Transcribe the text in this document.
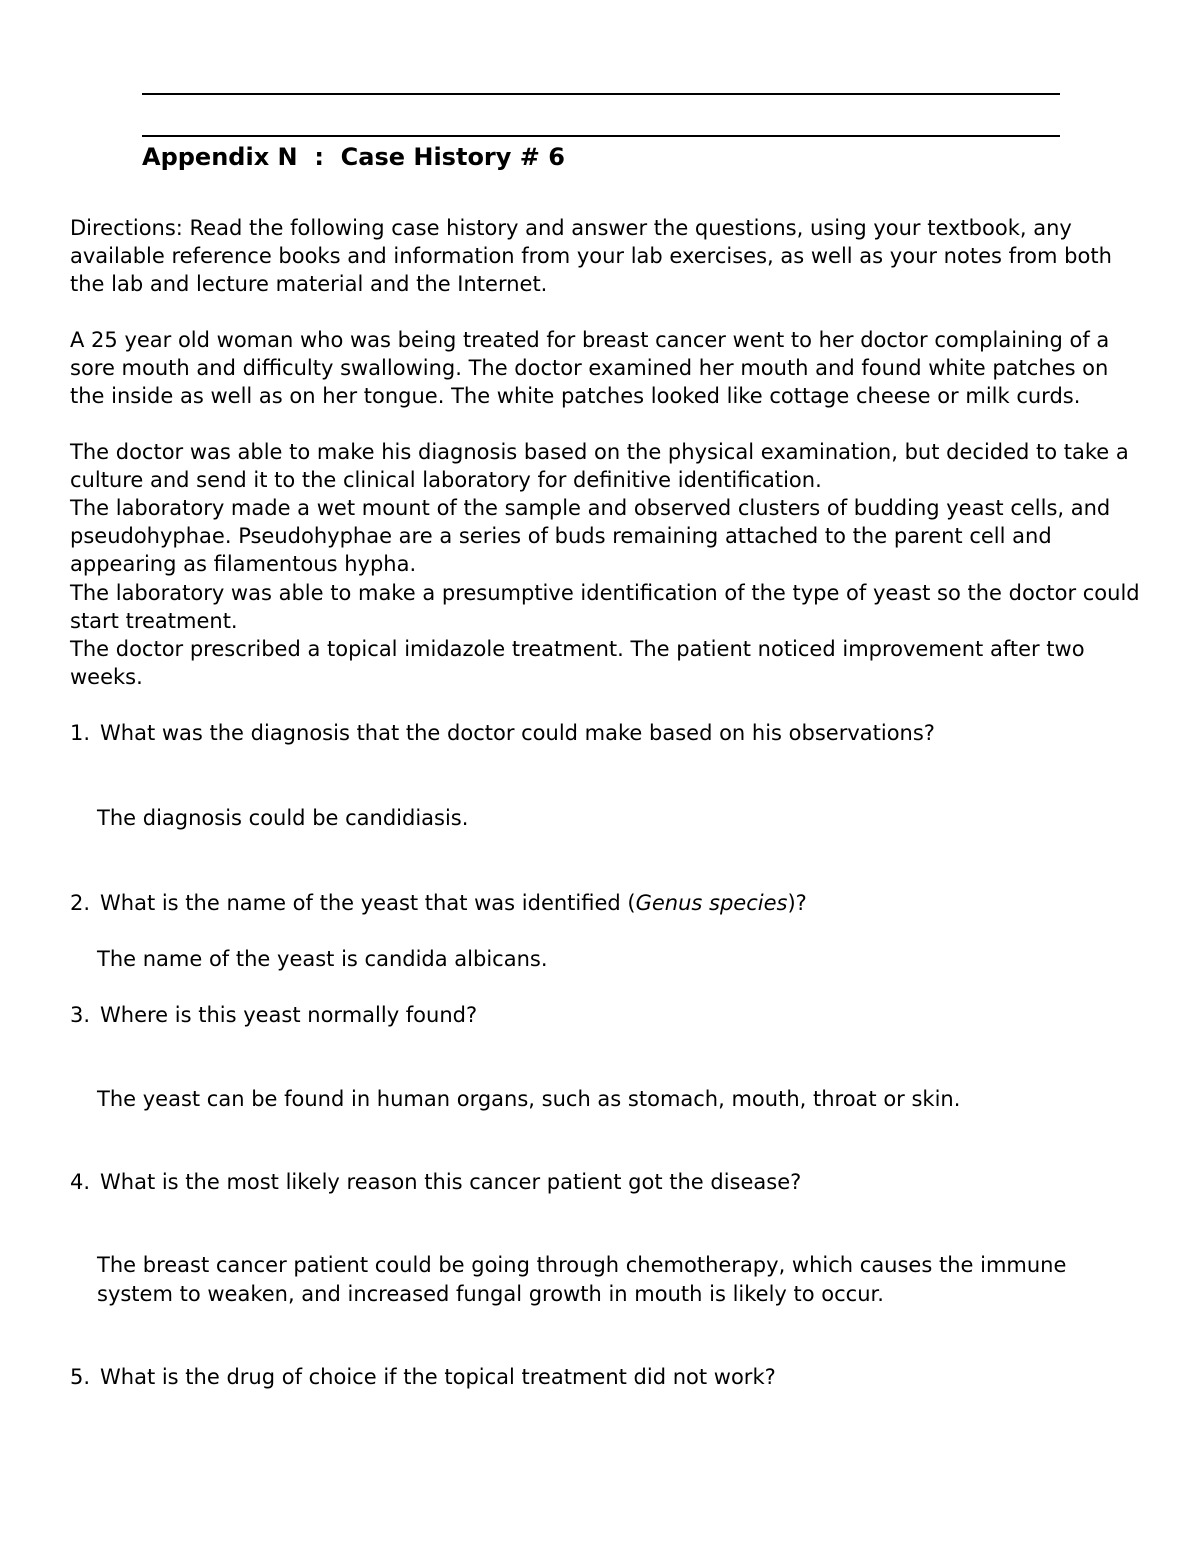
Appendix N  :  Case History # 6

Directions: Read the following case history and answer the questions, using your textbook, any available reference books and information from your lab exercises, as well as your notes from both the lab and lecture material and the Internet.

A 25 year old woman who was being treated for breast cancer went to her doctor complaining of a sore mouth and difficulty swallowing. The doctor examined her mouth and found white patches on the inside as well as on her tongue. The white patches looked like cottage cheese or milk curds.

The doctor was able to make his diagnosis based on the physical examination, but decided to take a culture and send it to the clinical laboratory for definitive identification.

The laboratory made a wet mount of the sample and observed clusters of budding yeast cells, and pseudohyphae. Pseudohyphae are a series of buds remaining attached to the parent cell and appearing as filamentous hypha.

The laboratory was able to make a presumptive identification of the type of yeast so the doctor could start treatment.

The doctor prescribed a topical imidazole treatment. The patient noticed improvement after two weeks.

1. What was the diagnosis that the doctor could make based on his observations?

The diagnosis could be candidiasis.

2. What is the name of the yeast that was identified (Genus species)?

The name of the yeast is candida albicans.

3. Where is this yeast normally found?

The yeast can be found in human organs, such as stomach, mouth, throat or skin.

4. What is the most likely reason this cancer patient got the disease?

The breast cancer patient could be going through chemotherapy, which causes the immune system to weaken, and increased fungal growth in mouth is likely to occur.

5. What is the drug of choice if the topical treatment did not work?
